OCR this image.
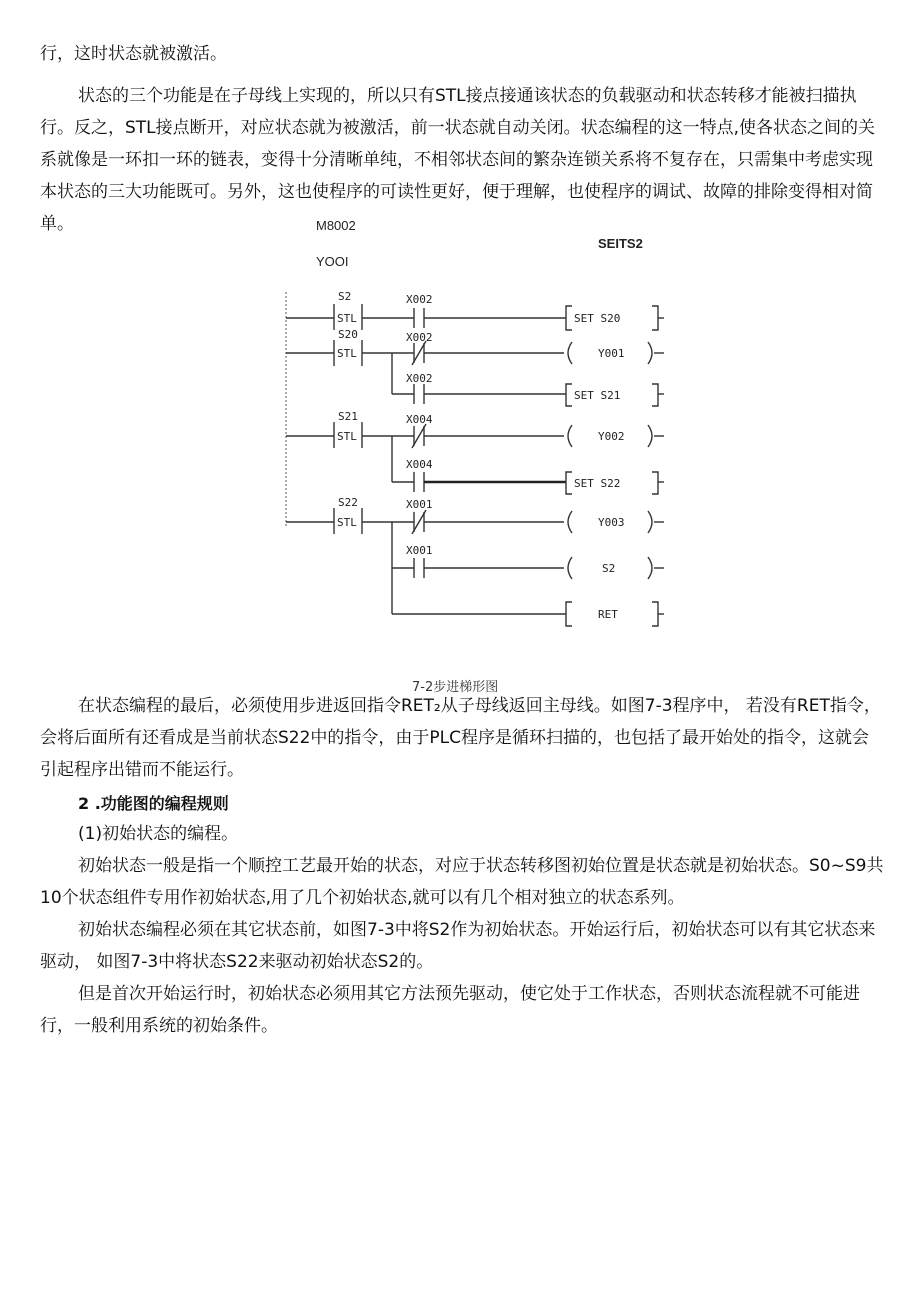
行，这时状态就被激活。

状态的三个功能是在子母线上实现的，所以只有STL接点接通该状态的负载驱动和状态转移才能被扫描执行。反之，STL接点断开，对应状态就为被激活，前一状态就自动关闭。状态编程的这一特点,使各状态之间的关系就像是一环扣一环的链表，变得十分清晰单纯，不相邻状态间的繁杂连锁关系将不复存在，只需集中考虑实现本状态的三大功能既可。另外，这也使程序的可读性更好，便于理解，也使程序的调试、故障的排除变得相对简单。	M8002
YOOI
SEITS2
S2
STL
X002
SET S20
S20
STL
X002
Y001
X002
SET S21
S21
STL
X004
Y002
X004
SET S22
S22
STL
X001
Y003
X001
S2
RET
7-2步进梯形图

在状态编程的最后，必须使用步进返回指令RET₂从子母线返回主母线。如图7-3程序中， 若没有RET指令，会将后面所有还看成是当前状态S22中的指令，由于PLC程序是循环扫描的，也包括了最开始处的指令，这就会引起程序出错而不能运行。

2 .功能图的编程规则

(1)初始状态的编程。

初始状态一般是指一个顺控工艺最开始的状态，对应于状态转移图初始位置是状态就是初始状态。S0~S9共10个状态组件专用作初始状态,用了几个初始状态,就可以有几个相对独立的状态系列。

初始状态编程必须在其它状态前，如图7-3中将S2作为初始状态。开始运行后，初始状态可以有其它状态来驱动， 如图7-3中将状态S22来驱动初始状态S2的。

但是首次开始运行时，初始状态必须用其它方法预先驱动，使它处于工作状态，否则状态流程就不可能进行，一般利用系统的初始条件。
